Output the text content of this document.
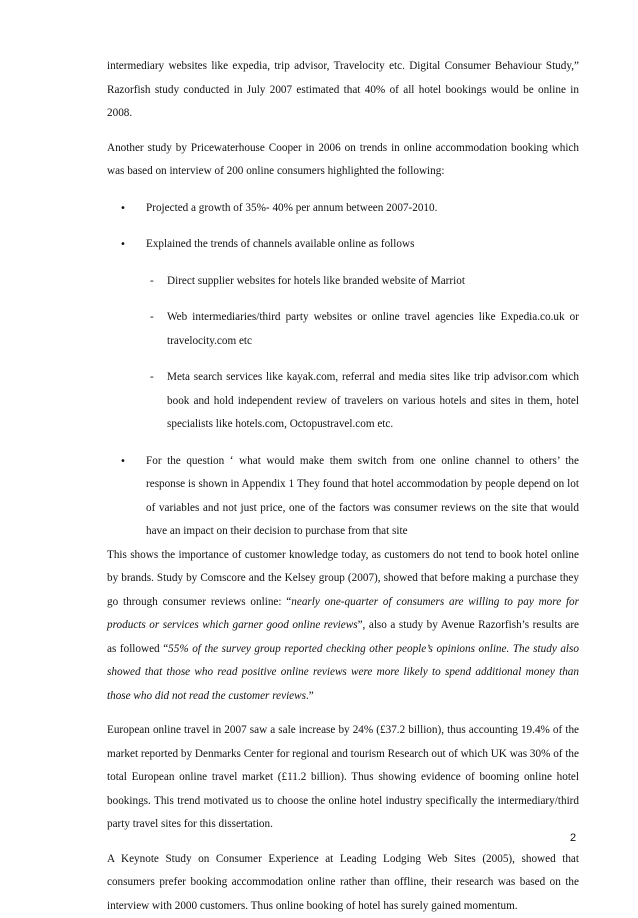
intermediary websites like expedia, trip advisor, Travelocity etc. Digital Consumer Behaviour Study,” Razorfish study conducted in July 2007 estimated that 40% of all hotel bookings would be online in 2008.

Another study by Pricewaterhouse Cooper in 2006 on trends in online accommodation booking which was based on interview of 200 online consumers highlighted the following:

• Projected a growth of 35%- 40% per annum between 2007-2010.

• Explained the trends of channels available online as follows

- Direct supplier websites for hotels like branded website of Marriot

- Web intermediaries/third party websites or online travel agencies like Expedia.co.uk or travelocity.com etc

- Meta search services like kayak.com, referral and media sites like trip advisor.com which book and hold independent review of travelers on various hotels and sites in them, hotel specialists like hotels.com, Octopustravel.com etc.

• For the question ‘ what would make them switch from one online channel to others’ the response is shown in Appendix 1 They found that hotel accommodation by people depend on lot of variables and not just price, one of the factors was consumer reviews on the site that would have an impact on their decision to purchase from that site

This shows the importance of customer knowledge today, as customers do not tend to book hotel online by brands. Study by Comscore and the Kelsey group (2007), showed that before making a purchase they go through consumer reviews online: “nearly one-quarter of consumers are willing to pay more for products or services which garner good online reviews”, also a study by Avenue Razorfish’s results are as followed “55% of the survey group reported checking other people’s opinions online. The study also showed that those who read positive online reviews were more likely to spend additional money than those who did not read the customer reviews.”

European online travel in 2007 saw a sale increase by 24% (£37.2 billion), thus accounting 19.4% of the market reported by Denmarks Center for regional and tourism Research out of which UK was 30% of the total European online travel market (£11.2 billion). Thus showing evidence of booming online hotel bookings. This trend motivated us to choose the online hotel industry specifically the intermediary/third party travel sites for this dissertation.

A Keynote Study on Consumer Experience at Leading Lodging Web Sites (2005), showed that consumers prefer booking accommodation online rather than offline, their research was based on the interview with 2000 customers. Thus online booking of hotel has surely gained momentum.

2
